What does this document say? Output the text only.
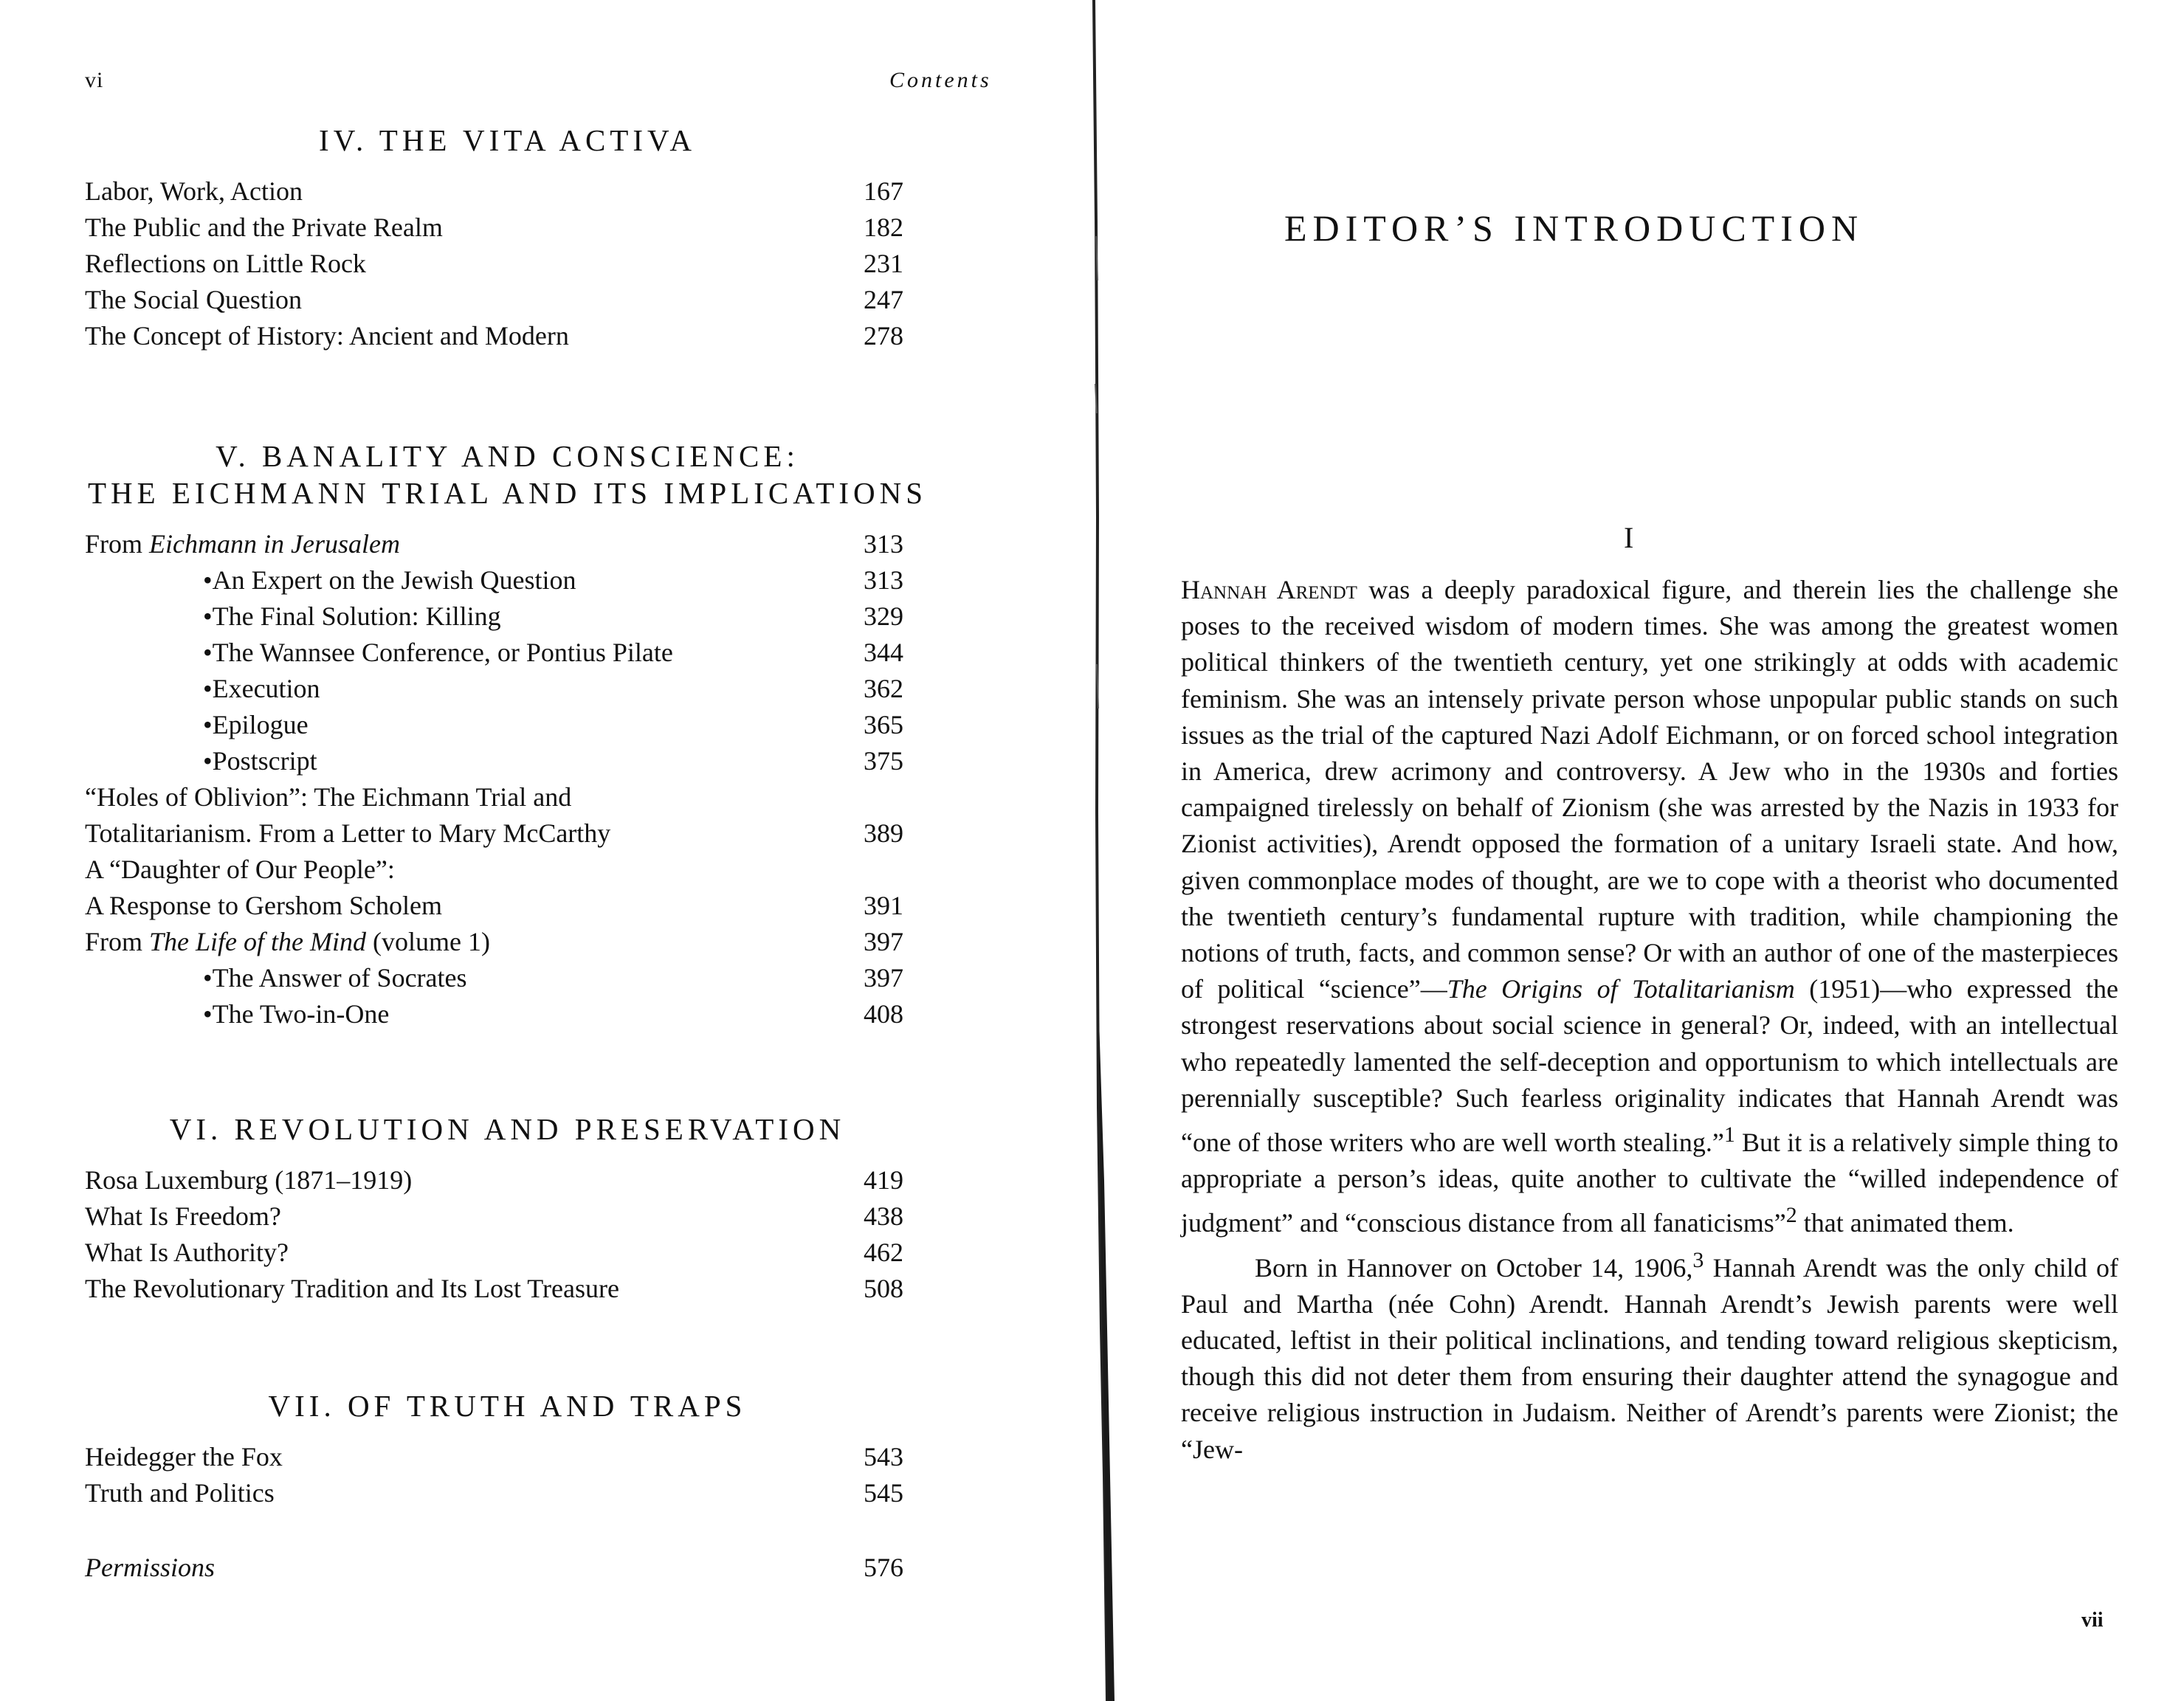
vi	Contents
IV. THE VITA ACTIVA
Labor, Work, Action	167
The Public and the Private Realm	182
Reflections on Little Rock	231
The Social Question	247
The Concept of History: Ancient and Modern	278
V. BANALITY AND CONSCIENCE:
THE EICHMANN TRIAL AND ITS IMPLICATIONS
From Eichmann in Jerusalem	313
•An Expert on the Jewish Question	313
•The Final Solution: Killing	329
•The Wannsee Conference, or Pontius Pilate	344
•Execution	362
•Epilogue	365
•Postscript	375
“Holes of Oblivion”: The Eichmann Trial and
Totalitarianism. From a Letter to Mary McCarthy	389
A “Daughter of Our People”:
A Response to Gershom Scholem	391
From The Life of the Mind (volume 1)	397
•The Answer of Socrates	397
•The Two-in-One	408
VI. REVOLUTION AND PRESERVATION
Rosa Luxemburg (1871–1919)	419
What Is Freedom?	438
What Is Authority?	462
The Revolutionary Tradition and Its Lost Treasure	508
VII. OF TRUTH AND TRAPS
Heidegger the Fox	543
Truth and Politics	545
Permissions	576
EDITOR’S INTRODUCTION
I

Hannah Arendt was a deeply paradoxical figure, and therein lies the challenge she poses to the received wisdom of modern times. She was among the greatest women political thinkers of the twentieth century, yet one strikingly at odds with academic feminism. She was an intensely private person whose unpopular public stands on such issues as the trial of the captured Nazi Adolf Eichmann, or on forced school integration in America, drew acrimony and controversy. A Jew who in the 1930s and forties campaigned tirelessly on behalf of Zionism (she was arrested by the Nazis in 1933 for Zionist activities), Arendt opposed the formation of a unitary Israeli state. And how, given commonplace modes of thought, are we to cope with a theorist who documented the twentieth century’s fundamental rupture with tradition, while championing the notions of truth, facts, and common sense? Or with an author of one of the masterpieces of political “science”—The Origins of Totalitarianism (1951)—who expressed the strongest reservations about social science in general? Or, indeed, with an intellectual who repeatedly lamented the self-deception and opportunism to which intellectuals are perennially susceptible? Such fearless originality indicates that Hannah Arendt was “one of those writers who are well worth stealing.”$^1$ But it is a relatively simple thing to appropriate a person’s ideas, quite another to cultivate the “willed independence of judgment” and “conscious distance from all fanaticisms”$^2$ that animated them.

Born in Hannover on October 14, 1906,$^3$ Hannah Arendt was the only child of Paul and Martha (née Cohn) Arendt. Hannah Arendt’s Jewish parents were well educated, leftist in their political inclinations, and tending toward religious skepticism, though this did not deter them from ensuring their daughter attend the synagogue and receive religious instruction in Judaism. Neither of Arendt’s parents were Zionist; the “Jew-

vii
